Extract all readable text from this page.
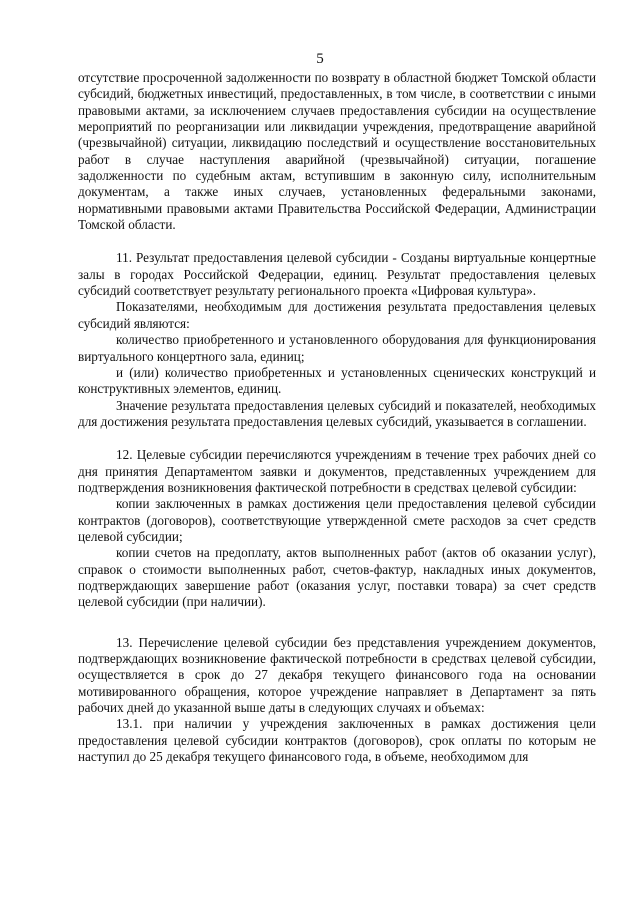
5

отсутствие просроченной задолженности по возврату в областной бюджет Томской области субсидий, бюджетных инвестиций, предоставленных, в том числе, в соответствии с иными правовыми актами, за исключением случаев предоставления субсидии на осуществление мероприятий по реорганизации или ликвидации учреждения, предотвращение аварийной (чрезвычайной) ситуации, ликвидацию последствий и осуществление восстановительных работ в случае наступления аварийной (чрезвычайной) ситуации, погашение задолженности по судебным актам, вступившим в законную силу, исполнительным документам, а также иных случаев, установленных федеральными законами, нормативными правовыми актами Правительства Российской Федерации, Администрации Томской области.

11. Результат предоставления целевой субсидии - Созданы виртуальные концертные залы в городах Российской Федерации, единиц. Результат предоставления целевых субсидий соответствует результату регионального проекта «Цифровая культура».

Показателями, необходимым для достижения результата предоставления целевых субсидий являются:

количество приобретенного и установленного оборудования для функционирования виртуального концертного зала, единиц;

и (или) количество приобретенных и установленных сценических конструкций и конструктивных элементов, единиц.

Значение результата предоставления целевых субсидий и показателей, необходимых для достижения результата предоставления целевых субсидий, указывается в соглашении.

12. Целевые субсидии перечисляются учреждениям в течение трех рабочих дней со дня принятия Департаментом заявки и документов, представленных учреждением для подтверждения возникновения фактической потребности в средствах целевой субсидии:

копии заключенных в рамках достижения цели предоставления целевой субсидии контрактов (договоров), соответствующие утвержденной смете расходов за счет средств целевой субсидии;

копии счетов на предоплату, актов выполненных работ (актов об оказании услуг), справок о стоимости выполненных работ, счетов-фактур, накладных иных документов, подтверждающих завершение работ (оказания услуг, поставки товара) за счет средств целевой субсидии (при наличии).

13. Перечисление целевой субсидии без представления учреждением документов, подтверждающих возникновение фактической потребности в средствах целевой субсидии, осуществляется в срок до 27 декабря текущего финансового года на основании мотивированного обращения, которое учреждение направляет в Департамент за пять рабочих дней до указанной выше даты в следующих случаях и объемах:

13.1. при наличии у учреждения заключенных в рамках достижения цели предоставления целевой субсидии контрактов (договоров), срок оплаты по которым не наступил до 25 декабря текущего финансового года, в объеме, необходимом для
